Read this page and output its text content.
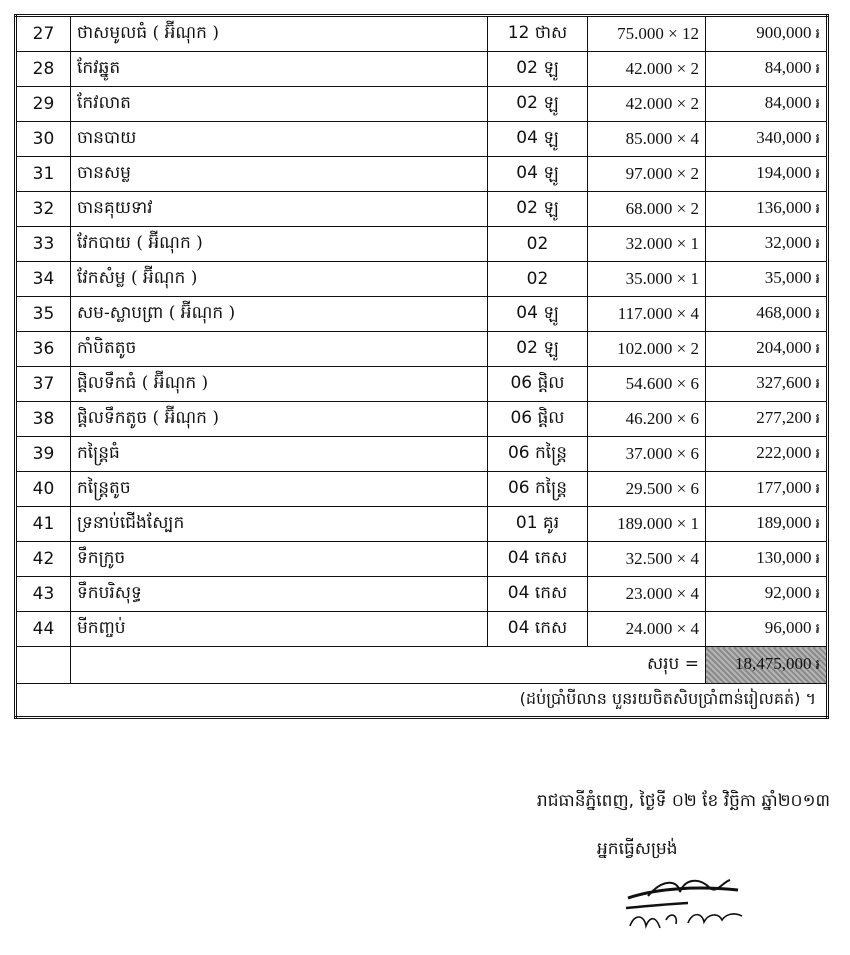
27	ថាសមូលធំ ( អ៊ីណុក )	12 ថាស	75.000 × 12	900,000 ៛
28	កែវឆ្នូត	02 ឡូ	42.000 × 2	84,000 ៛
29	កែវលាត	02 ឡូ	42.000 × 2	84,000 ៛
30	ចានបាយ	04 ឡូ	85.000 × 4	340,000 ៛
31	ចានសម្ល	04 ឡូ	97.000 × 2	194,000 ៛
32	ចានគុយទាវ	02 ឡូ	68.000 × 2	136,000 ៛
33	វែកបាយ ( អ៊ីណុក )	02	32.000 × 1	32,000 ៛
34	វែកសំម្ល ( អ៊ីណុក )	02	35.000 × 1	35,000 ៛
35	សម-ស្លាបព្រា ( អ៊ីណុក )	04 ឡូ	117.000 × 4	468,000 ៛
36	កាំបិតតូច	02 ឡូ	102.000 × 2	204,000 ៛
37	ផ្តិលទឹកធំ ( អ៊ីណុក )	06 ផ្តិល	54.600 × 6	327,600 ៛
38	ផ្តិលទឹកតូច ( អ៊ីណុក )	06 ផ្តិល	46.200 × 6	277,200 ៛
39	កន្ត្រៃធំ	06 កន្ត្រៃ	37.000 × 6	222,000 ៛
40	កន្ត្រៃតូច	06 កន្ត្រៃ	29.500 × 6	177,000 ៛
41	ទ្រនាប់ជើងស្បែក	01 គូរ	189.000 × 1	189,000 ៛
42	ទឹកក្រូច	04 កេស	32.500 × 4	130,000 ៛
43	ទឹកបរិសុទ្ធ	04 កេស	23.000 × 4	92,000 ៛
44	មីកញ្ចប់	04 កេស	24.000 × 4	96,000 ៛
	សរុប =			18,475,000 ៛
(ដប់ប្រាំបីលាន បួនរយចិតសិបប្រាំពាន់រៀលគត់) ។				
រាជធានីភ្នំពេញ, ថ្ងៃទី ០២ ខែ វិច្ឆិកា ឆ្នាំ២០១៣
អ្នកធ្វើសម្រង់
